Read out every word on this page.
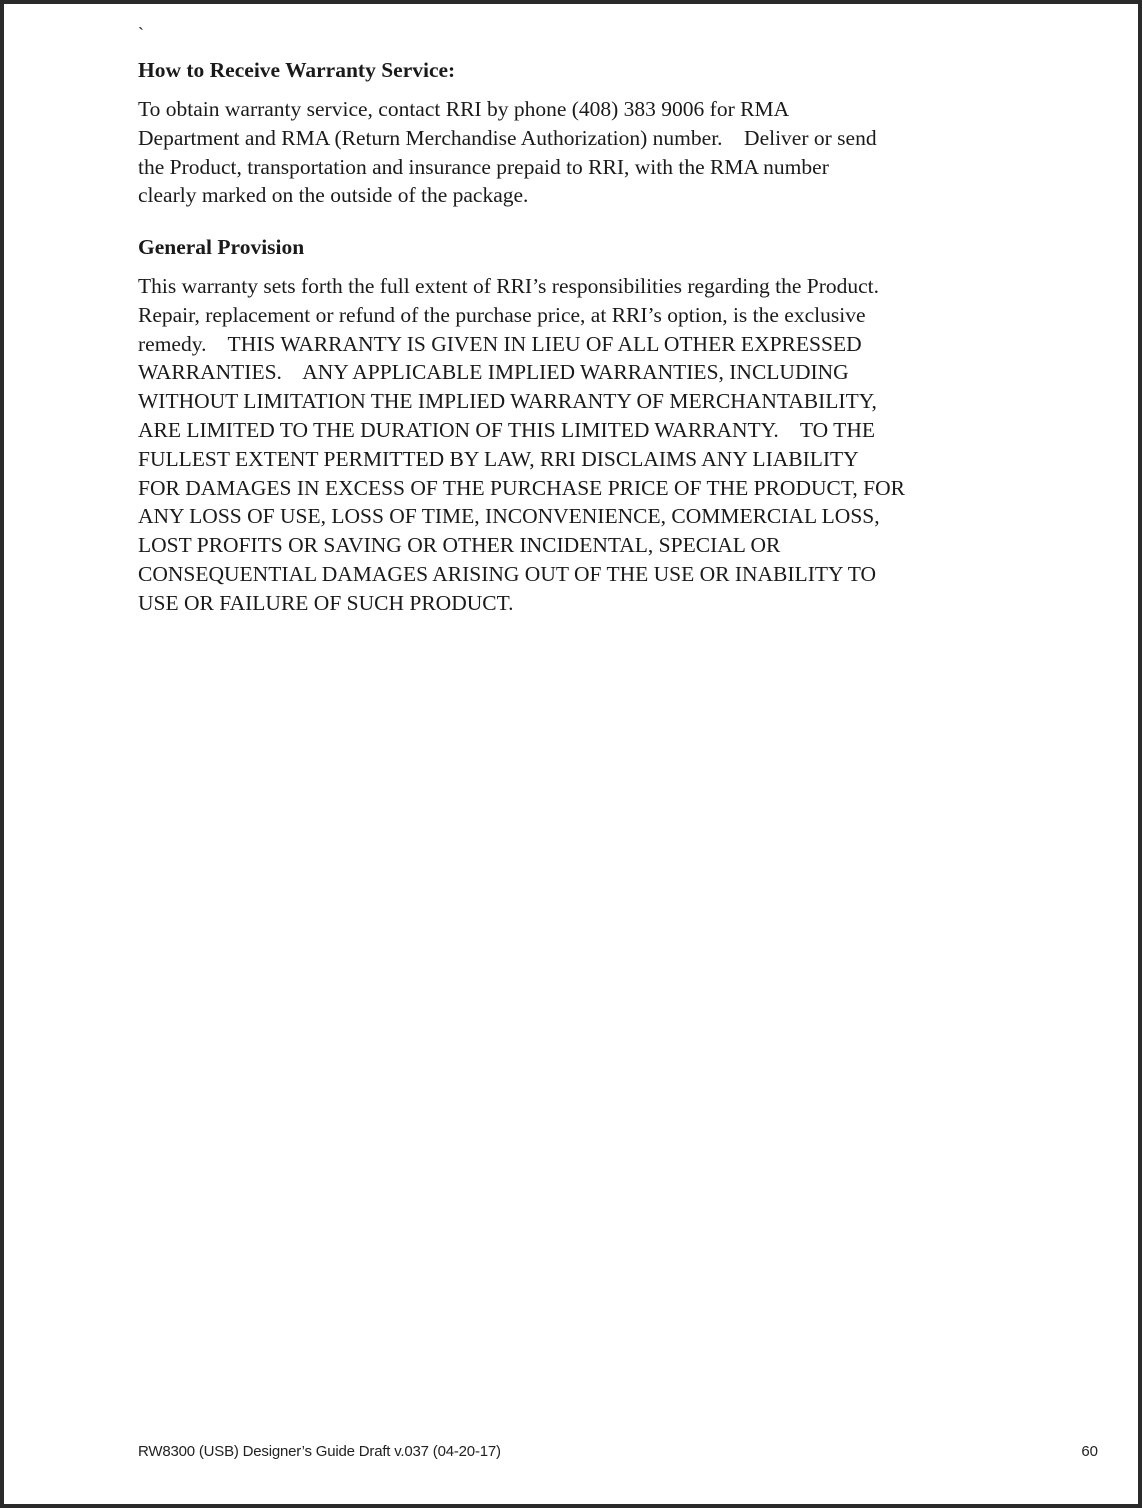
`
How to Receive Warranty Service:
To obtain warranty service, contact RRI by phone (408) 383 9006 for RMA
Department and RMA (Return Merchandise Authorization) number.    Deliver or send
the Product, transportation and insurance prepaid to RRI, with the RMA number
clearly marked on the outside of the package.
General Provision
This warranty sets forth the full extent of RRI’s responsibilities regarding the Product.
Repair, replacement or refund of the purchase price, at RRI’s option, is the exclusive
remedy.    THIS WARRANTY IS GIVEN IN LIEU OF ALL OTHER EXPRESSED
WARRANTIES.    ANY APPLICABLE IMPLIED WARRANTIES, INCLUDING
WITHOUT LIMITATION THE IMPLIED WARRANTY OF MERCHANTABILITY,
ARE LIMITED TO THE DURATION OF THIS LIMITED WARRANTY.    TO THE
FULLEST EXTENT PERMITTED BY LAW, RRI DISCLAIMS ANY LIABILITY
FOR DAMAGES IN EXCESS OF THE PURCHASE PRICE OF THE PRODUCT, FOR
ANY LOSS OF USE, LOSS OF TIME, INCONVENIENCE, COMMERCIAL LOSS,
LOST PROFITS OR SAVING OR OTHER INCIDENTAL, SPECIAL OR
CONSEQUENTIAL DAMAGES ARISING OUT OF THE USE OR INABILITY TO
USE OR FAILURE OF SUCH PRODUCT.
RW8300 (USB) Designer’s Guide Draft v.037 (04-20-17)	60
